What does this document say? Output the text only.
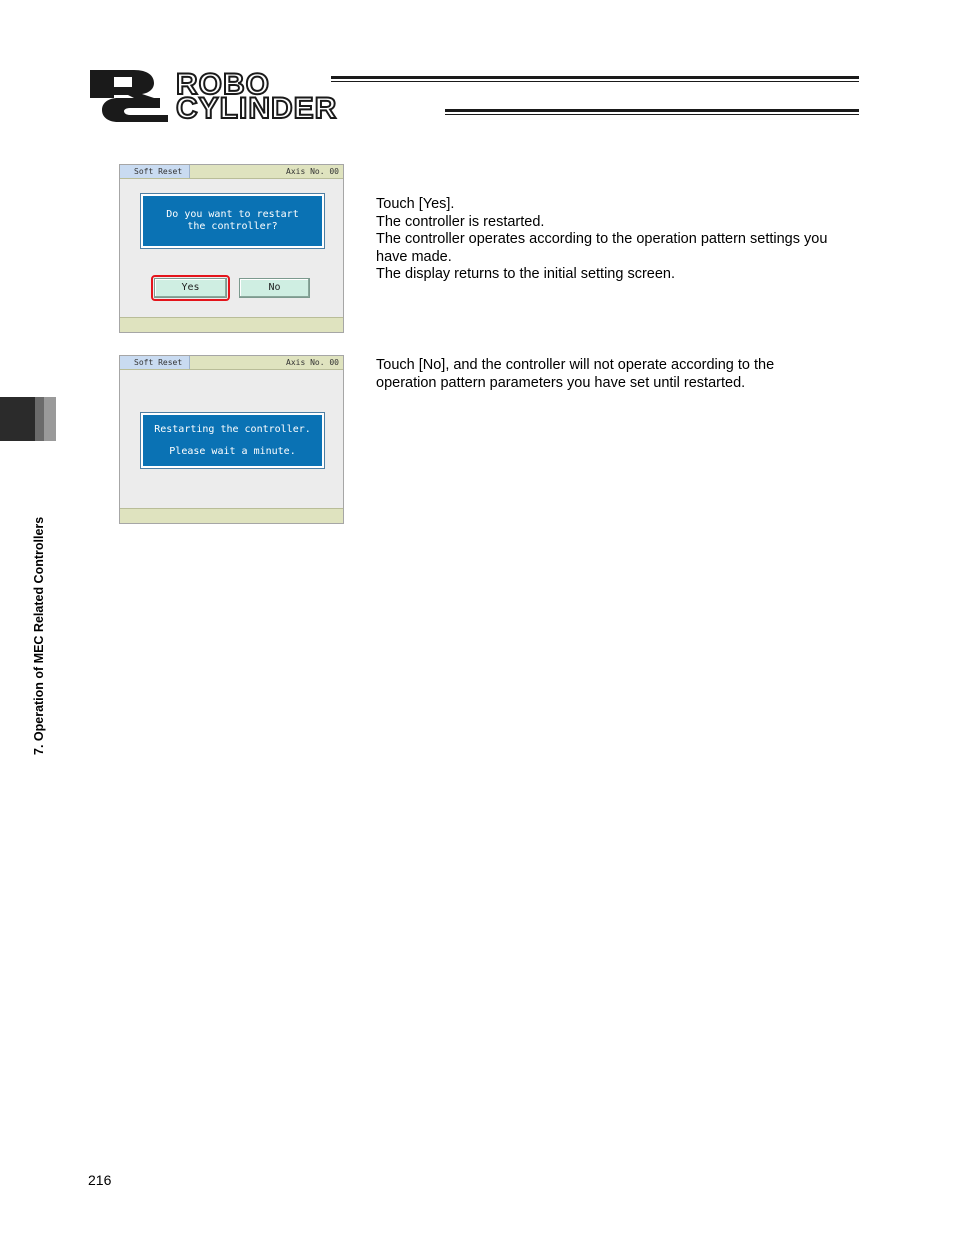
ROBO
CYLINDER
7. Operation of MEC Related Controllers
Soft Reset	Axis No. 00
Do you want to restart
the controller?
Yes	No
Soft Reset	Axis No. 00
Restarting the controller.
Please wait a minute.
Touch [Yes].
The controller is restarted.
The controller operates according to the operation pattern settings you
have made.
The display returns to the initial setting screen.
Touch [No], and the controller will not operate according to the
operation pattern parameters you have set until restarted.
216
